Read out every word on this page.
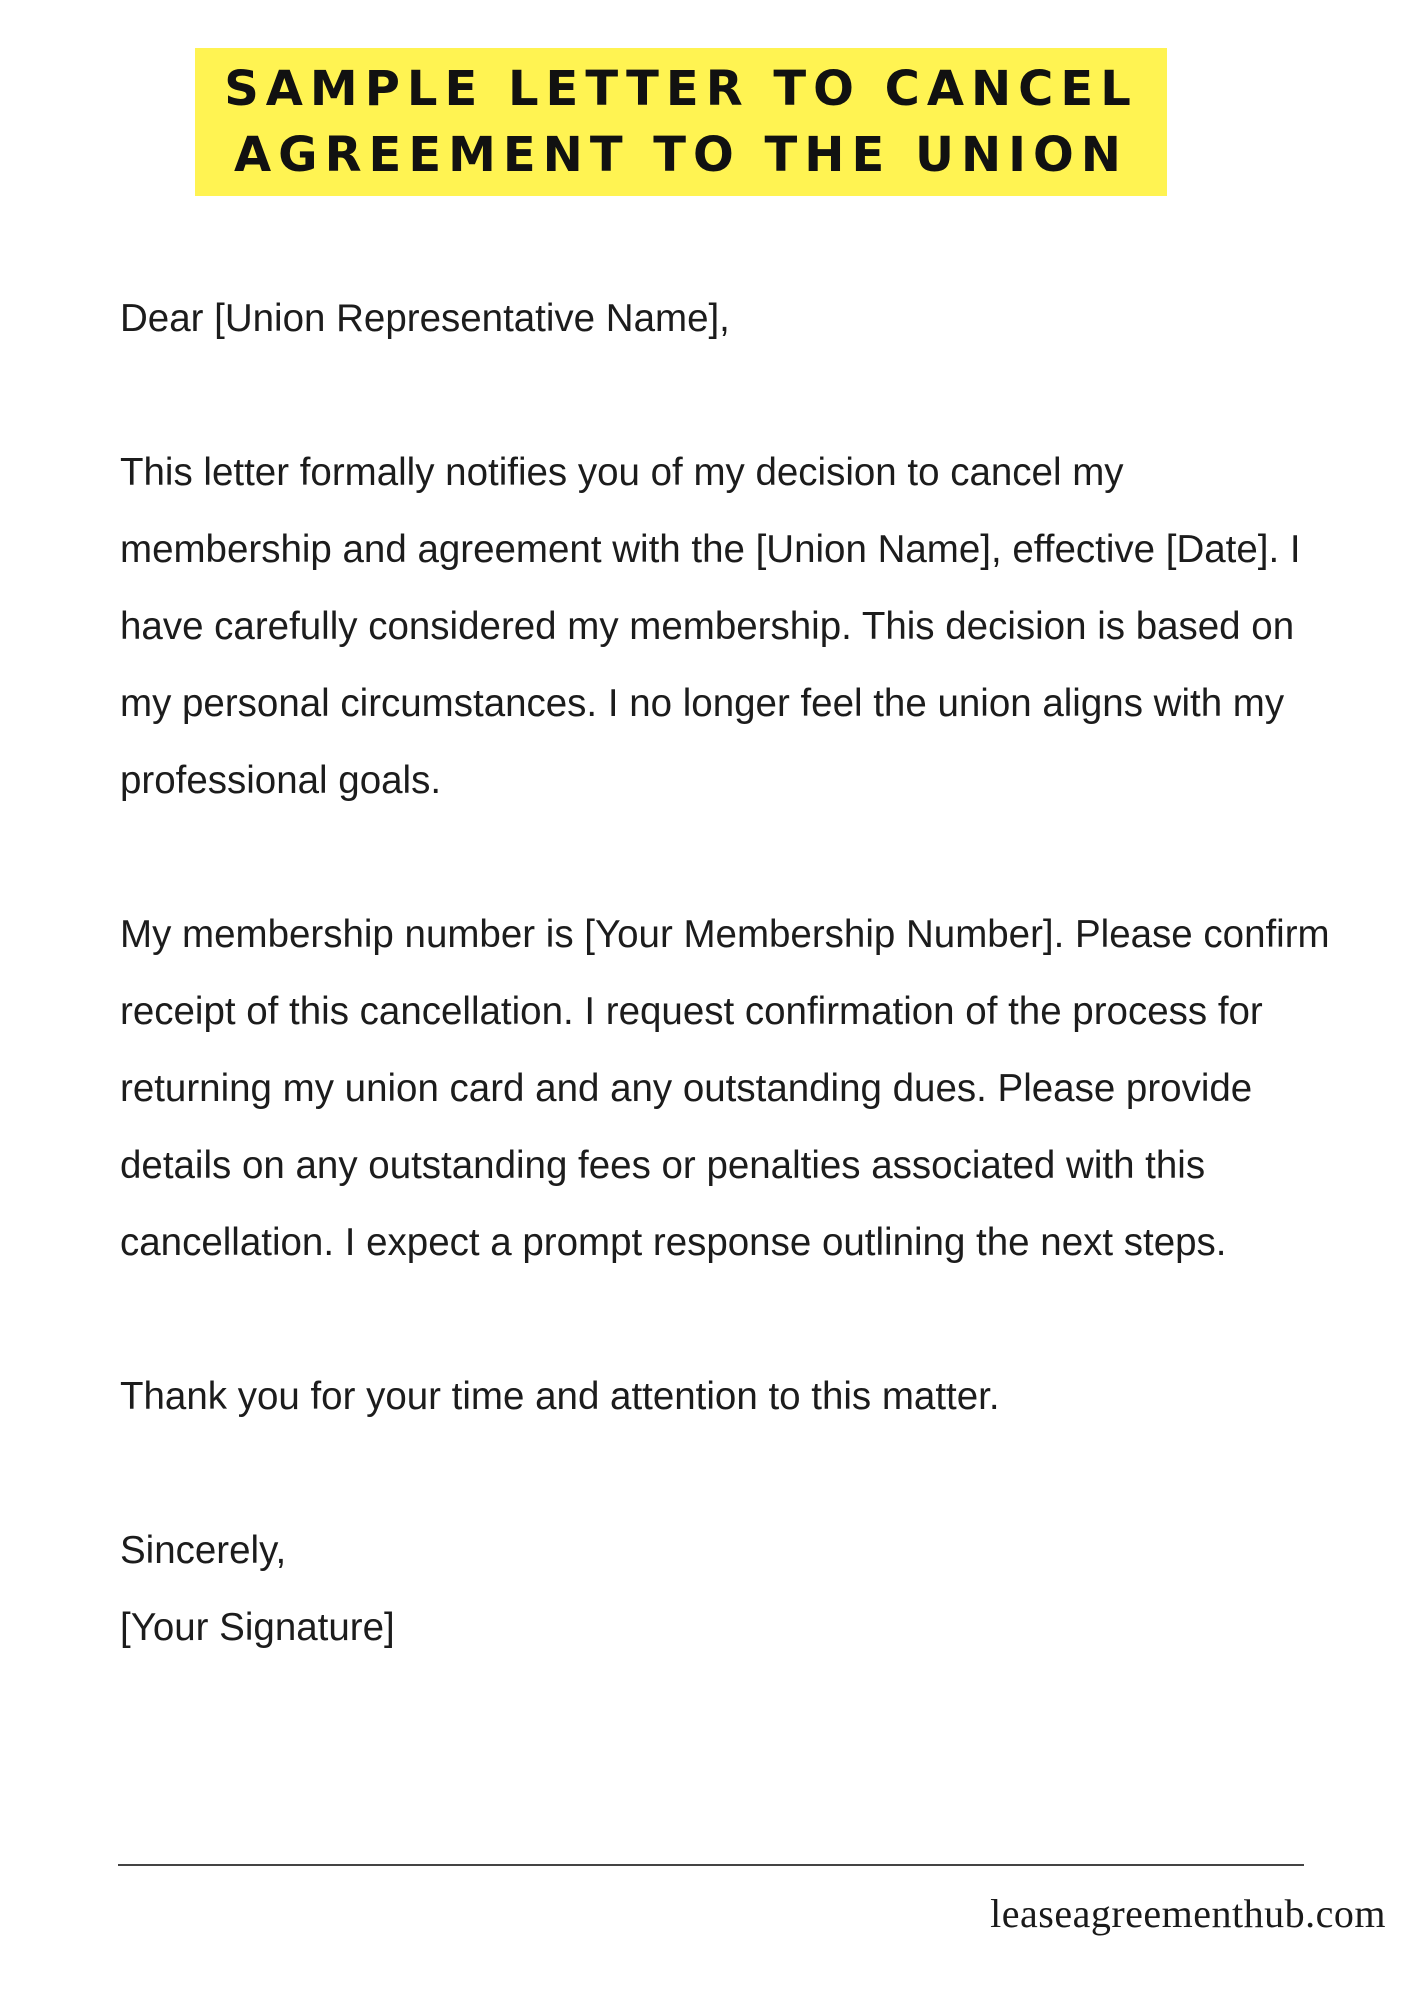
SAMPLE LETTER TO CANCEL
AGREEMENT TO THE UNION

Dear [Union Representative Name],

This letter formally notifies you of my decision to cancel my membership and agreement with the [Union Name], effective [Date]. I have carefully considered my membership. This decision is based on my personal circumstances. I no longer feel the union aligns with my professional goals.

My membership number is [Your Membership Number]. Please confirm receipt of this cancellation. I request confirmation of the process for returning my union card and any outstanding dues. Please provide details on any outstanding fees or penalties associated with this cancellation. I expect a prompt response outlining the next steps.

Thank you for your time and attention to this matter.

Sincerely,

[Your Signature]

leaseagreementhub.com
